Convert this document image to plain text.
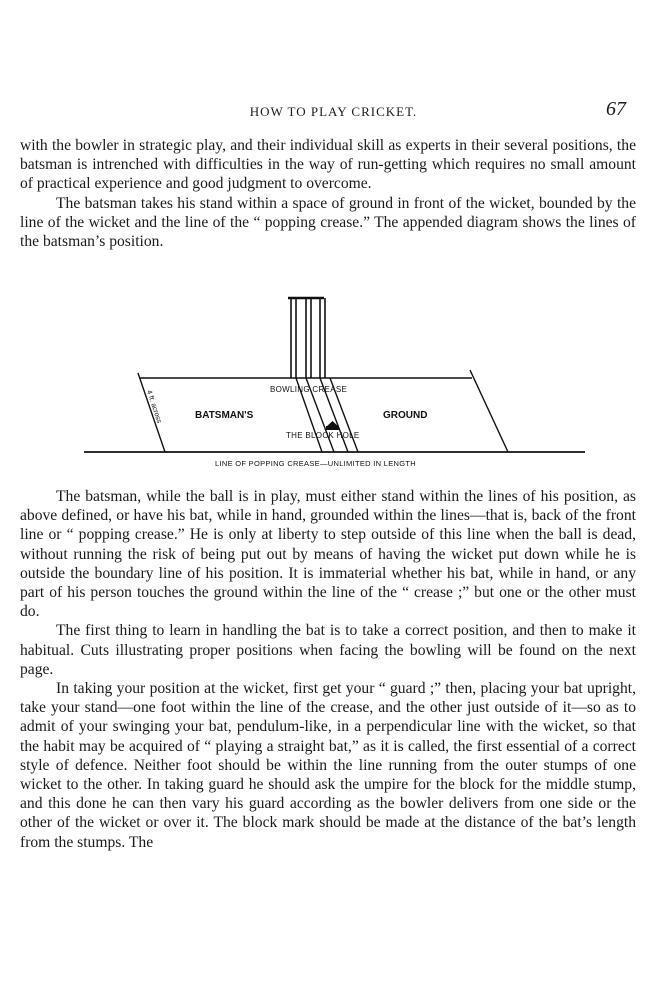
HOW TO PLAY CRICKET.	67

with the bowler in strategic play, and their individual skill as experts in their several positions, the batsman is intrenched with difficulties in the way of run-getting which requires no small amount of practical experience and good judgment to overcome.

The batsman takes his stand within a space of ground in front of the wicket, bounded by the line of the wicket and the line of the “ popping crease.” The appended diagram shows the lines of the batsman’s position.

BOWLING CREASE
BATSMAN'S	GROUND
THE BLOCK HOLE
4 ft. across
LINE OF POPPING CREASE—UNLIMITED IN LENGTH

The batsman, while the ball is in play, must either stand within the lines of his position, as above defined, or have his bat, while in hand, grounded within the lines—that is, back of the front line or “ popping crease.” He is only at liberty to step outside of this line when the ball is dead, without running the risk of being put out by means of having the wicket put down while he is outside the boundary line of his position. It is immaterial whether his bat, while in hand, or any part of his person touches the ground within the line of the “ crease ;” but one or the other must do.

The first thing to learn in handling the bat is to take a correct position, and then to make it habitual. Cuts illustrating proper positions when facing the bowling will be found on the next page.

In taking your position at the wicket, first get your “ guard ;” then, placing your bat upright, take your stand—one foot within the line of the crease, and the other just outside of it—so as to admit of your swinging your bat, pendulum-like, in a perpendicular line with the wicket, so that the habit may be acquired of “ playing a straight bat,” as it is called, the first essential of a correct style of defence. Neither foot should be within the line running from the outer stumps of one wicket to the other. In taking guard he should ask the umpire for the block for the middle stump, and this done he can then vary his guard according as the bowler delivers from one side or the other of the wicket or over it. The block mark should be made at the distance of the bat’s length from the stumps. The
